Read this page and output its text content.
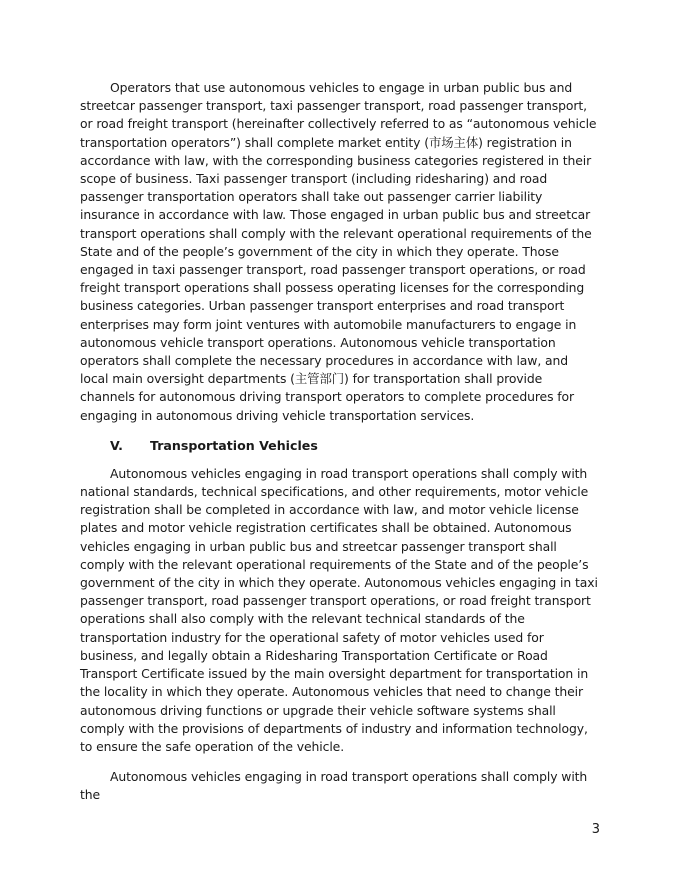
Operators that use autonomous vehicles to engage in urban public bus and streetcar passenger transport, taxi passenger transport, road passenger transport, or road freight transport (hereinafter collectively referred to as “autonomous vehicle transportation operators”) shall complete market entity (市场主体) registration in accordance with law, with the corresponding business categories registered in their scope of business. Taxi passenger transport (including ridesharing) and road passenger transportation operators shall take out passenger carrier liability insurance in accordance with law. Those engaged in urban public bus and streetcar transport operations shall comply with the relevant operational requirements of the State and of the people’s government of the city in which they operate. Those engaged in taxi passenger transport, road passenger transport operations, or road freight transport operations shall possess operating licenses for the corresponding business categories. Urban passenger transport enterprises and road transport enterprises may form joint ventures with automobile manufacturers to engage in autonomous vehicle transport operations. Autonomous vehicle transportation operators shall complete the necessary procedures in accordance with law, and local main oversight departments (主管部门) for transportation shall provide channels for autonomous driving transport operators to complete procedures for engaging in autonomous driving vehicle transportation services.

V.	Transportation Vehicles

Autonomous vehicles engaging in road transport operations shall comply with national standards, technical specifications, and other requirements, motor vehicle registration shall be completed in accordance with law, and motor vehicle license plates and motor vehicle registration certificates shall be obtained. Autonomous vehicles engaging in urban public bus and streetcar passenger transport shall comply with the relevant operational requirements of the State and of the people’s government of the city in which they operate. Autonomous vehicles engaging in taxi passenger transport, road passenger transport operations, or road freight transport operations shall also comply with the relevant technical standards of the transportation industry for the operational safety of motor vehicles used for business, and legally obtain a Ridesharing Transportation Certificate or Road Transport Certificate issued by the main oversight department for transportation in the locality in which they operate. Autonomous vehicles that need to change their autonomous driving functions or upgrade their vehicle software systems shall comply with the provisions of departments of industry and information technology, to ensure the safe operation of the vehicle.

Autonomous vehicles engaging in road transport operations shall comply with the

3
